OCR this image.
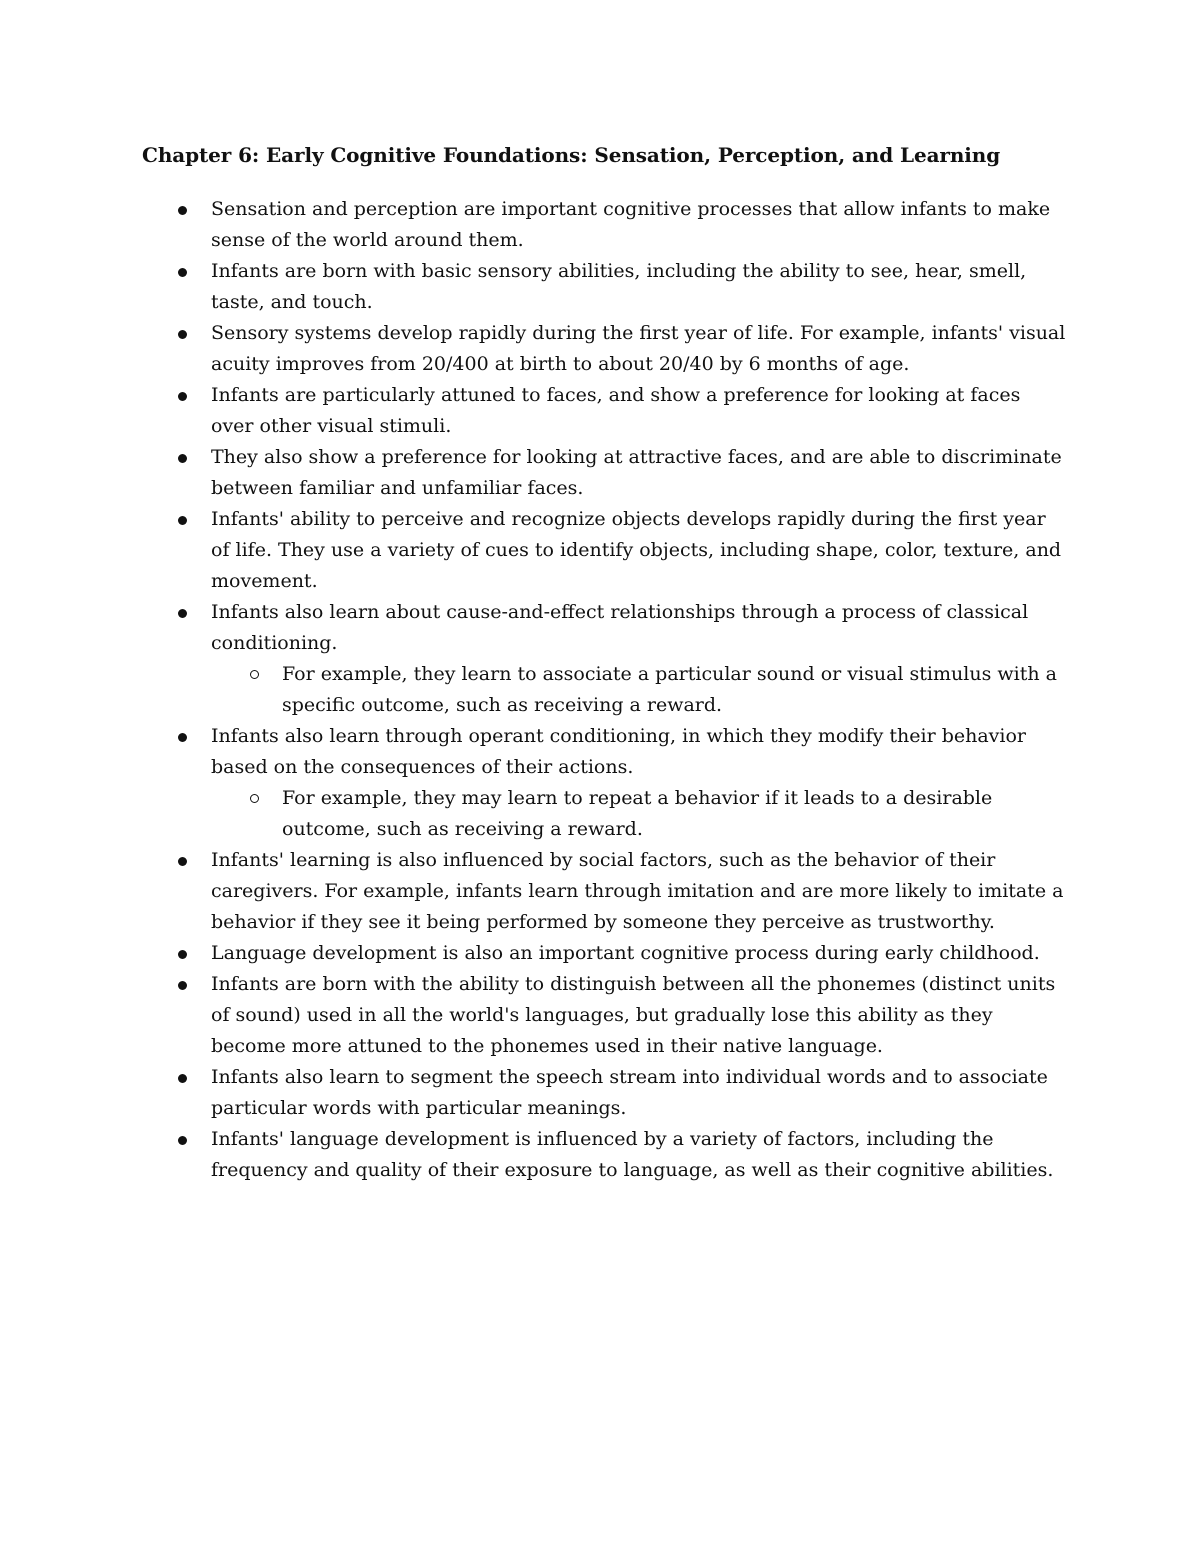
Chapter 6: Early Cognitive Foundations: Sensation, Perception, and Learning
Sensation and perception are important cognitive processes that allow infants to make sense of the world around them.
Infants are born with basic sensory abilities, including the ability to see, hear, smell, taste, and touch.
Sensory systems develop rapidly during the first year of life. For example, infants' visual acuity improves from 20/400 at birth to about 20/40 by 6 months of age.
Infants are particularly attuned to faces, and show a preference for looking at faces over other visual stimuli.
They also show a preference for looking at attractive faces, and are able to discriminate between familiar and unfamiliar faces.
Infants' ability to perceive and recognize objects develops rapidly during the first year of life. They use a variety of cues to identify objects, including shape, color, texture, and movement.
Infants also learn about cause-and-effect relationships through a process of classical conditioning.
For example, they learn to associate a particular sound or visual stimulus with a specific outcome, such as receiving a reward.
Infants also learn through operant conditioning, in which they modify their behavior based on the consequences of their actions.
For example, they may learn to repeat a behavior if it leads to a desirable outcome, such as receiving a reward.
Infants' learning is also influenced by social factors, such as the behavior of their caregivers. For example, infants learn through imitation and are more likely to imitate a behavior if they see it being performed by someone they perceive as trustworthy.
Language development is also an important cognitive process during early childhood.
Infants are born with the ability to distinguish between all the phonemes (distinct units of sound) used in all the world's languages, but gradually lose this ability as they become more attuned to the phonemes used in their native language.
Infants also learn to segment the speech stream into individual words and to associate particular words with particular meanings.
Infants' language development is influenced by a variety of factors, including the frequency and quality of their exposure to language, as well as their cognitive abilities.
